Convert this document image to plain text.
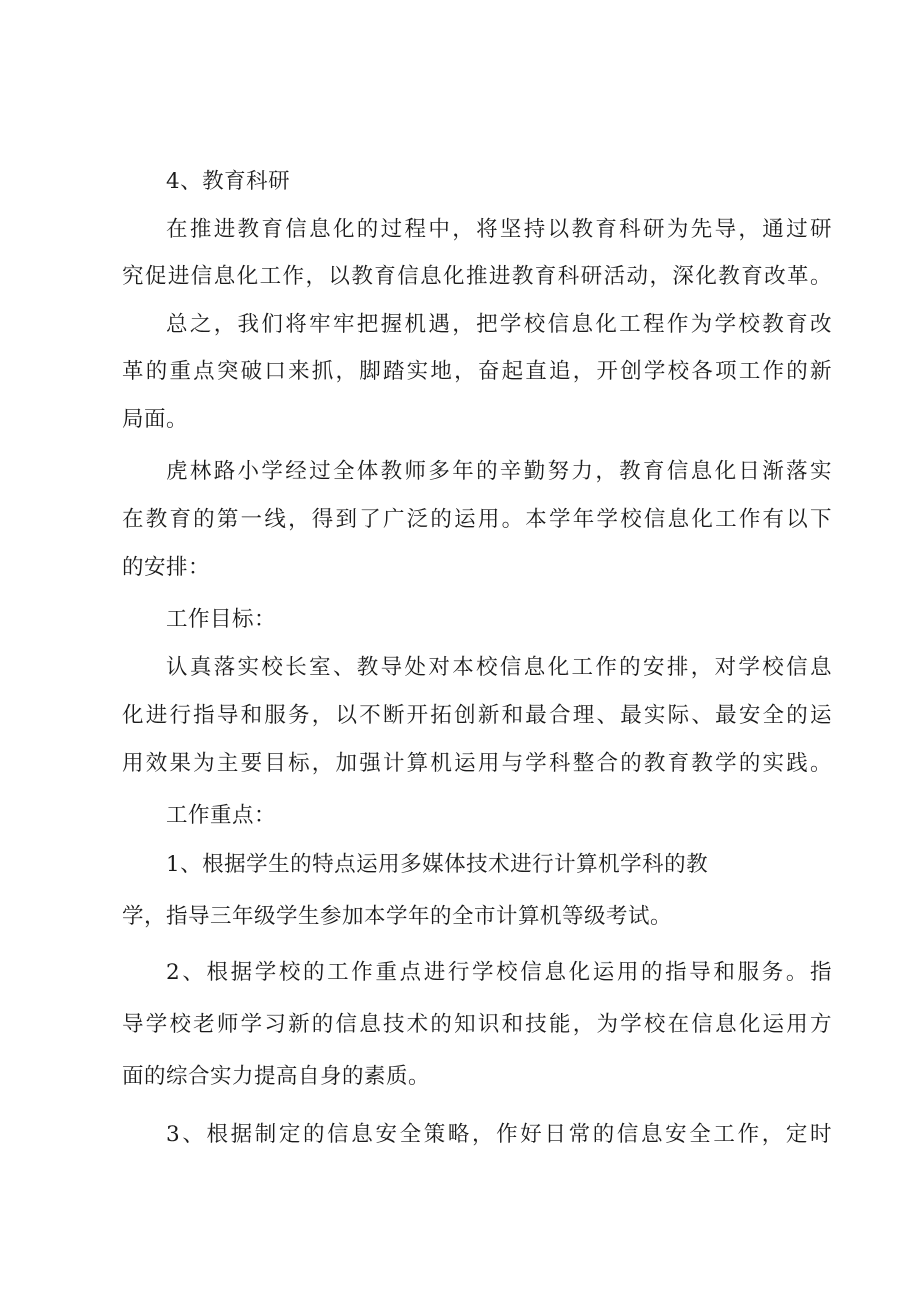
4、教育科研
在推进教育信息化的过程中，将坚持以教育科研为先导，通过研
究促进信息化工作，以教育信息化推进教育科研活动，深化教育改革。
总之，我们将牢牢把握机遇，把学校信息化工程作为学校教育改
革的重点突破口来抓，脚踏实地，奋起直追，开创学校各项工作的新
局面。
虎林路小学经过全体教师多年的辛勤努力，教育信息化日渐落实
在教育的第一线，得到了广泛的运用。本学年学校信息化工作有以下
的安排：
工作目标：
认真落实校长室、教导处对本校信息化工作的安排，对学校信息
化进行指导和服务，以不断开拓创新和最合理、最实际、最安全的运
用效果为主要目标，加强计算机运用与学科整合的教育教学的实践。
工作重点：
1、根据学生的特点运用多媒体技术进行计算机学科的教
学，指导三年级学生参加本学年的全市计算机等级考试。
2、根据学校的工作重点进行学校信息化运用的指导和服务。指
导学校老师学习新的信息技术的知识和技能，为学校在信息化运用方
面的综合实力提高自身的素质。
3、根据制定的信息安全策略，作好日常的信息安全工作，定时
